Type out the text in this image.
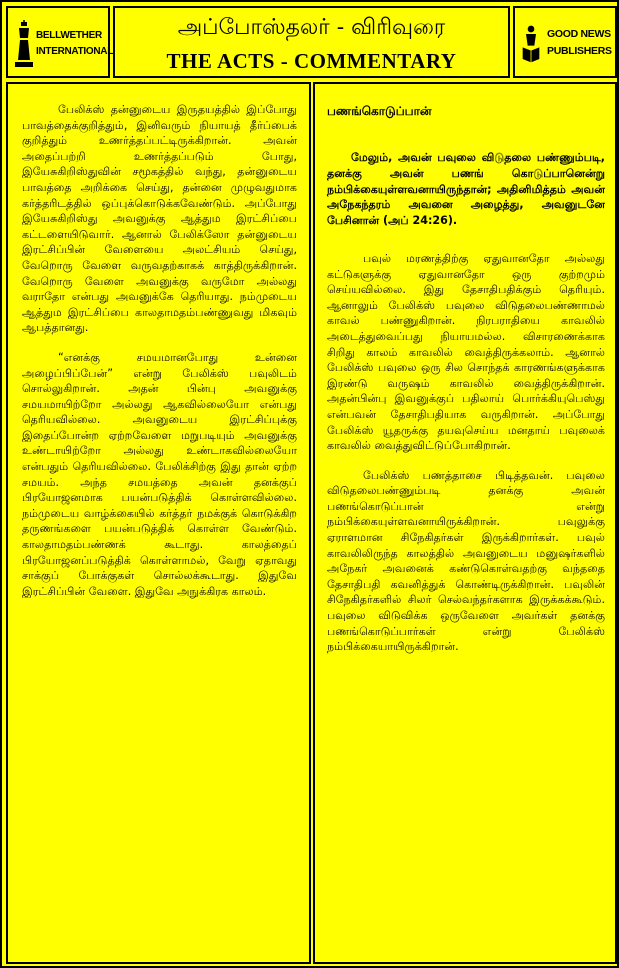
BELLWETHER
INTERNATIONAL
அப்போஸ்தலர் - விரிவுரை
THE ACTS - COMMENTARY
GOOD NEWS
PUBLISHERS

பேலிக்ஸ் தன்னுடைய இருதயத்தில் இப்போது பாவத்தைக்குறித்தும், இனிவரும் நியாயத் தீர்ப்பைக் குறித்தும் உணர்த்தப்பட்டிருக்கிறான். அவன் அதைப்பற்றி உணர்த்தப்படும் போது, இயேசுகிறிஸ்துவின் சமூகத்தில் வந்து, தன்னுடைய பாவத்தை அறிக்கை செய்து, தன்னை முழுவதுமாக கர்த்தரிடத்தில் ஒப்புக்கொடுக்கவேண்டும். அப்போது இயேசுகிறிஸ்து அவனுக்கு ஆத்தும இரட்சிப்பை கட்டளையிடுவார். ஆனால் பேலிக்ஸோ தன்னுடைய இரட்சிப்பின் வேளையை அலட்சியம் செய்து, வேறொரு வேளை வருவதற்காகக் காத்திருக்கிறான். வேறொரு வேளை அவனுக்கு வருமோ அல்லது வராதோ என்பது அவனுக்கே தெரியாது. நம்முடைய ஆத்தும இரட்சிப்பை காலதாமதம்பண்ணுவது மிகவும் ஆபத்தானது.

“எனக்கு சமயமானபோது உன்னை அழைப்பிப்பேன்” என்று பேலிக்ஸ் பவுலிடம் சொல்லுகிறான். அதன் பின்பு அவனுக்கு சமயமாயிற்றோ அல்லது ஆகவில்லையோ என்பது தெரியவில்லை. அவனுடைய இரட்சிப்புக்கு இதைப்போன்ற ஏற்றவேளை மறுபடியும் அவனுக்கு உண்டாயிற்றோ அல்லது உண்டாகவில்லையோ என்பதும் தெரியவில்லை. பேலிக்சிற்கு இது தான் ஏற்ற சமயம். அந்த சமயத்தை அவன் தனக்குப் பிரயோஜனமாக பயன்படுத்திக் கொள்ளவில்லை. நம்முடைய வாழ்க்கையில் கர்த்தர் நமக்குக் கொடுக்கிற தருணங்களை பயன்படுத்திக் கொள்ள வேண்டும். காலதாமதம்பண்ணக் கூடாது. காலத்தைப் பிரயோஜனப்படுத்திக் கொள்ளாமல், வேறு ஏதாவது சாக்குப் போக்குகள் சொல்லக்கூடாது. இதுவே இரட்சிப்பின் வேளை. இதுவே அநுக்கிரக காலம்.

பணங்கொடுப்பான்

மேலும், அவன் பவுலை விடுதலை பண்ணும்படி, தனக்கு அவன் பணங் கொடுப்பானென்று நம்பிக்கையுள்ளவனாயிருந்தான்; அதினிமித்தம் அவன் அநேகந்தரம் அவனை அழைத்து, அவனுடனே பேசினான் (அப் 24:26).

பவுல் மரணத்திற்கு ஏதுவானதோ அல்லது கட்டுகளுக்கு ஏதுவானதோ ஒரு குற்றமும் செய்யவில்லை. இது தேசாதிபதிக்கும் தெரியும். ஆனாலும் பேலிக்ஸ் பவுலை விடுதலைபண்ணாமல் காவல் பண்ணுகிறான். நிரபராதியை காவலில் அடைத்துவைப்பது நியாயமல்ல. விசாரணைக்காக சிறிது காலம் காவலில் வைத்திருக்கலாம். ஆனால் பேலிக்ஸ் பவுலை ஒரு சில சொந்தக் காரணங்களுக்காக இரண்டு வருஷம் காவலில் வைத்திருக்கிறான். அதன்பின்பு இவனுக்குப் பதிலாய் பொர்க்கியுபெஸ்து என்பவன் தேசாதிபதியாக வருகிறான். அப்போது பேலிக்ஸ் யூதருக்கு தயவுசெய்ய மனதாய் பவுலைக் காவலில் வைத்துவிட்டுப்போகிறான்.

பேலிக்ஸ் பணத்தாசை பிடித்தவன். பவுலை விடுதலைபண்ணும்படி தனக்கு அவன் பணங்கொடுப்பான் என்று நம்பிக்கையுள்ளவனாயிருக்கிறான். பவுலுக்கு ஏராளமான சிநேகிதர்கள் இருக்கிறார்கள். பவுல் காவலிலிருந்த காலத்தில் அவனுடைய மனுஷர்களில் அநேகர் அவனைக் கண்டுகொள்வதற்கு வந்ததை தேசாதிபதி கவனித்துக் கொண்டிருக்கிறான். பவுலின் சிநேகிதர்களில் சிலர் செல்வந்தர்களாக இருக்கக்கூடும். பவுலை விடுவிக்க ஒருவேளை அவர்கள் தனக்கு பணங்கொடுப்பார்கள் என்று பேலிக்ஸ் நம்பிக்கையாயிருக்கிறான்.
